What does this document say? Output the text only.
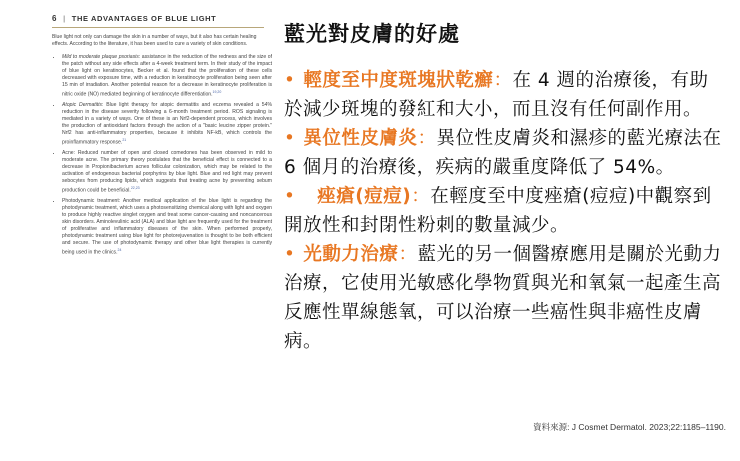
6 | THE ADVANTAGES OF BLUE LIGHT

Blue light not only can damage the skin in a number of ways, but it also has certain healing effects. According to the literature, it has been used to cure a variety of skin conditions.

• Mild to moderate plaque psoriasis: assistance in the reduction of the redness and the size of the patch without any side effects after a 4-week treatment term. In their study of the impact of blue light on keratinocytes, Becker et al. found that the proliferation of these cells decreased with exposure time, with a reduction in keratinocyte proliferation being seen after 15 min of irradiation. Another potential reason for a decrease in keratinocyte proliferation is nitric oxide (NO) mediated beginning of keratinocyte differentiation.$^{19,20}$
• Atopic Dermatitis: Blue light therapy for atopic dermatitis and eczema revealed a 54% reduction in the disease severity following a 6-month treatment period. ROS signaling is mediated in a variety of ways. One of these is an Nrf2-dependent process, which involves the production of antioxidant factors through the action of a "basic leucine zipper protein." Nrf2 has anti-inflammatory properties, because it inhibits NF-kB, which controls the proinflammatory response.$^{21}$
• Acne: Reduced number of open and closed comedones has been observed in mild to moderate acne. The primary theory postulates that the beneficial effect is connected to a decrease in Propionibacterium acnes follicular colonization, which may be related to the activation of endogenous bacterial porphyrins by blue light. Blue and red light may prevent sebocytes from producing lipids, which suggests that treating acne by preventing sebum production could be beneficial.$^{22,23}$
• Photodynamic treatment: Another medical application of the blue light is regarding the photodynamic treatment, which uses a photosensitizing chemical along with light and oxygen to produce highly reactive singlet oxygen and treat some cancer-causing and noncancerous skin disorders. Aminolevulinic acid (ALA) and blue light are frequently used for the treatment of proliferative and inflammatory diseases of the skin. When performed properly, photodynamic treatment using blue light for photorejuvenation is thought to be both efficient and secure. The use of photodynamic therapy and other blue light therapies is currently being used in the clinics.$^{24}$
藍光對皮膚的好處
• 輕度至中度斑塊狀乾癬：在 4 週的治療後，有助於減少斑塊的發紅和大小，而且沒有任何副作用。
• 異位性皮膚炎：異位性皮膚炎和濕疹的藍光療法在 6 個月的治療後，疾病的嚴重度降低了 54%。
•  痤瘡(痘痘)：在輕度至中度痤瘡(痘痘)中觀察到開放性和封閉性粉刺的數量減少。
• 光動力治療：藍光的另一個醫療應用是關於光動力治療，它使用光敏感化學物質與光和氧氣一起產生高反應性單線態氧，可以治療一些癌性與非癌性皮膚病。
資料來源: J Cosmet Dermatol. 2023;22:1185–1190.
